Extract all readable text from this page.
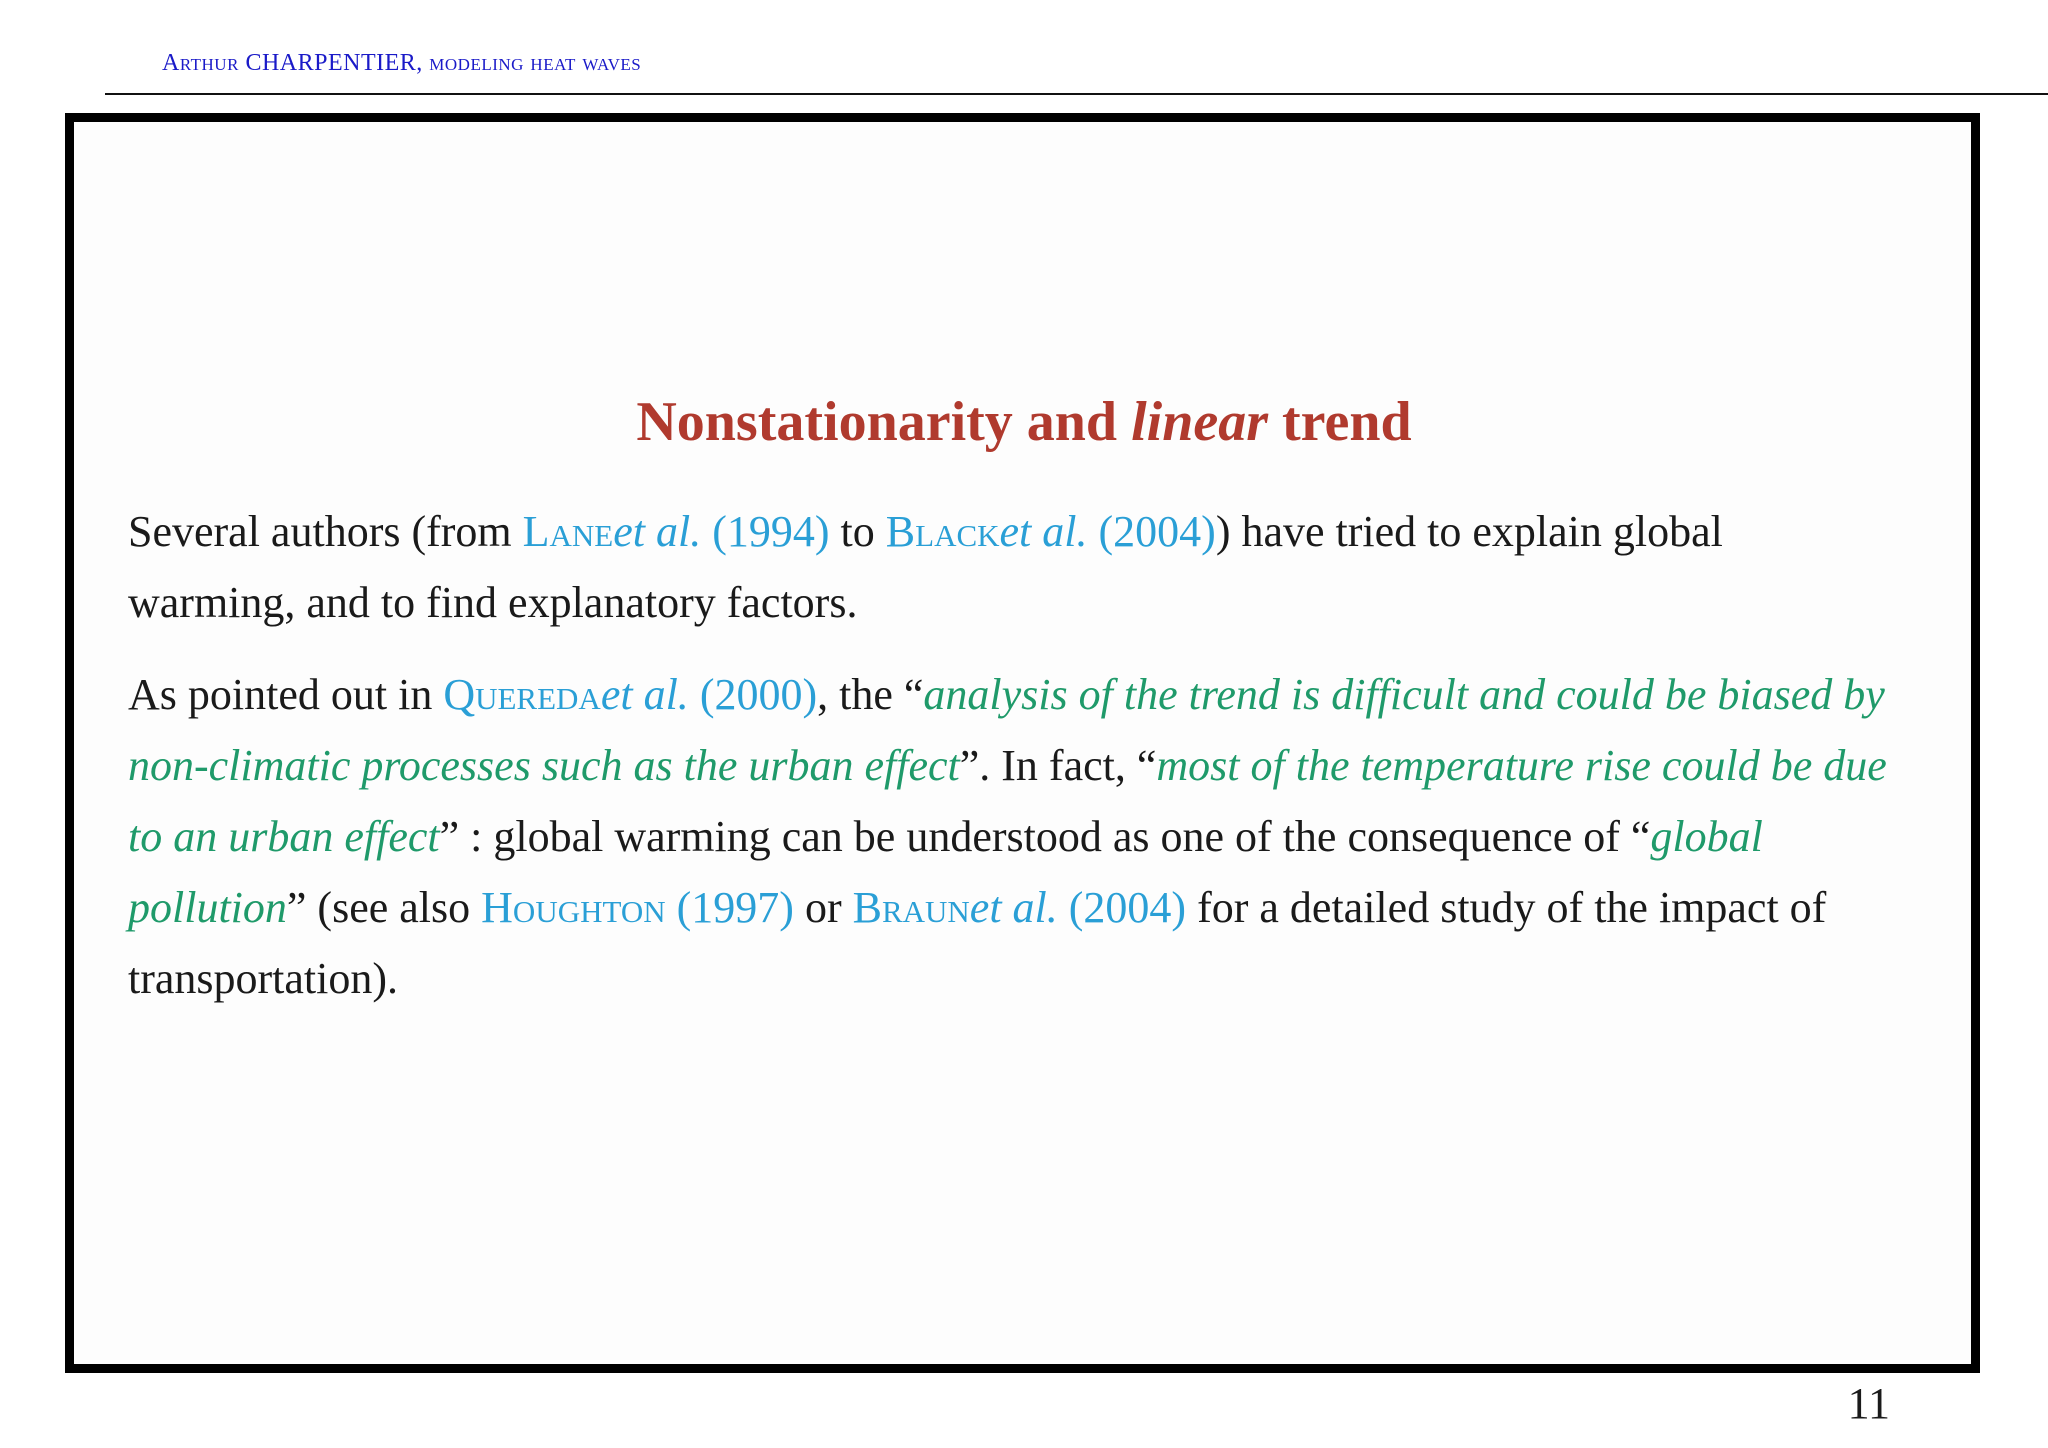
Arthur CHARPENTIER, modeling heat waves
Nonstationarity and linear trend
Several authors (from Laneet al. (1994) to Blacket al. (2004)) have tried to explain global warming, and to find explanatory factors.
As pointed out in Queredaet al. (2000), the “analysis of the trend is difficult and could be biased by non-climatic processes such as the urban effect”. In fact, “most of the temperature rise could be due to an urban effect” : global warming can be understood as one of the consequence of “global pollution” (see also Houghton (1997) or Braunet al. (2004) for a detailed study of the impact of transportation).
11
